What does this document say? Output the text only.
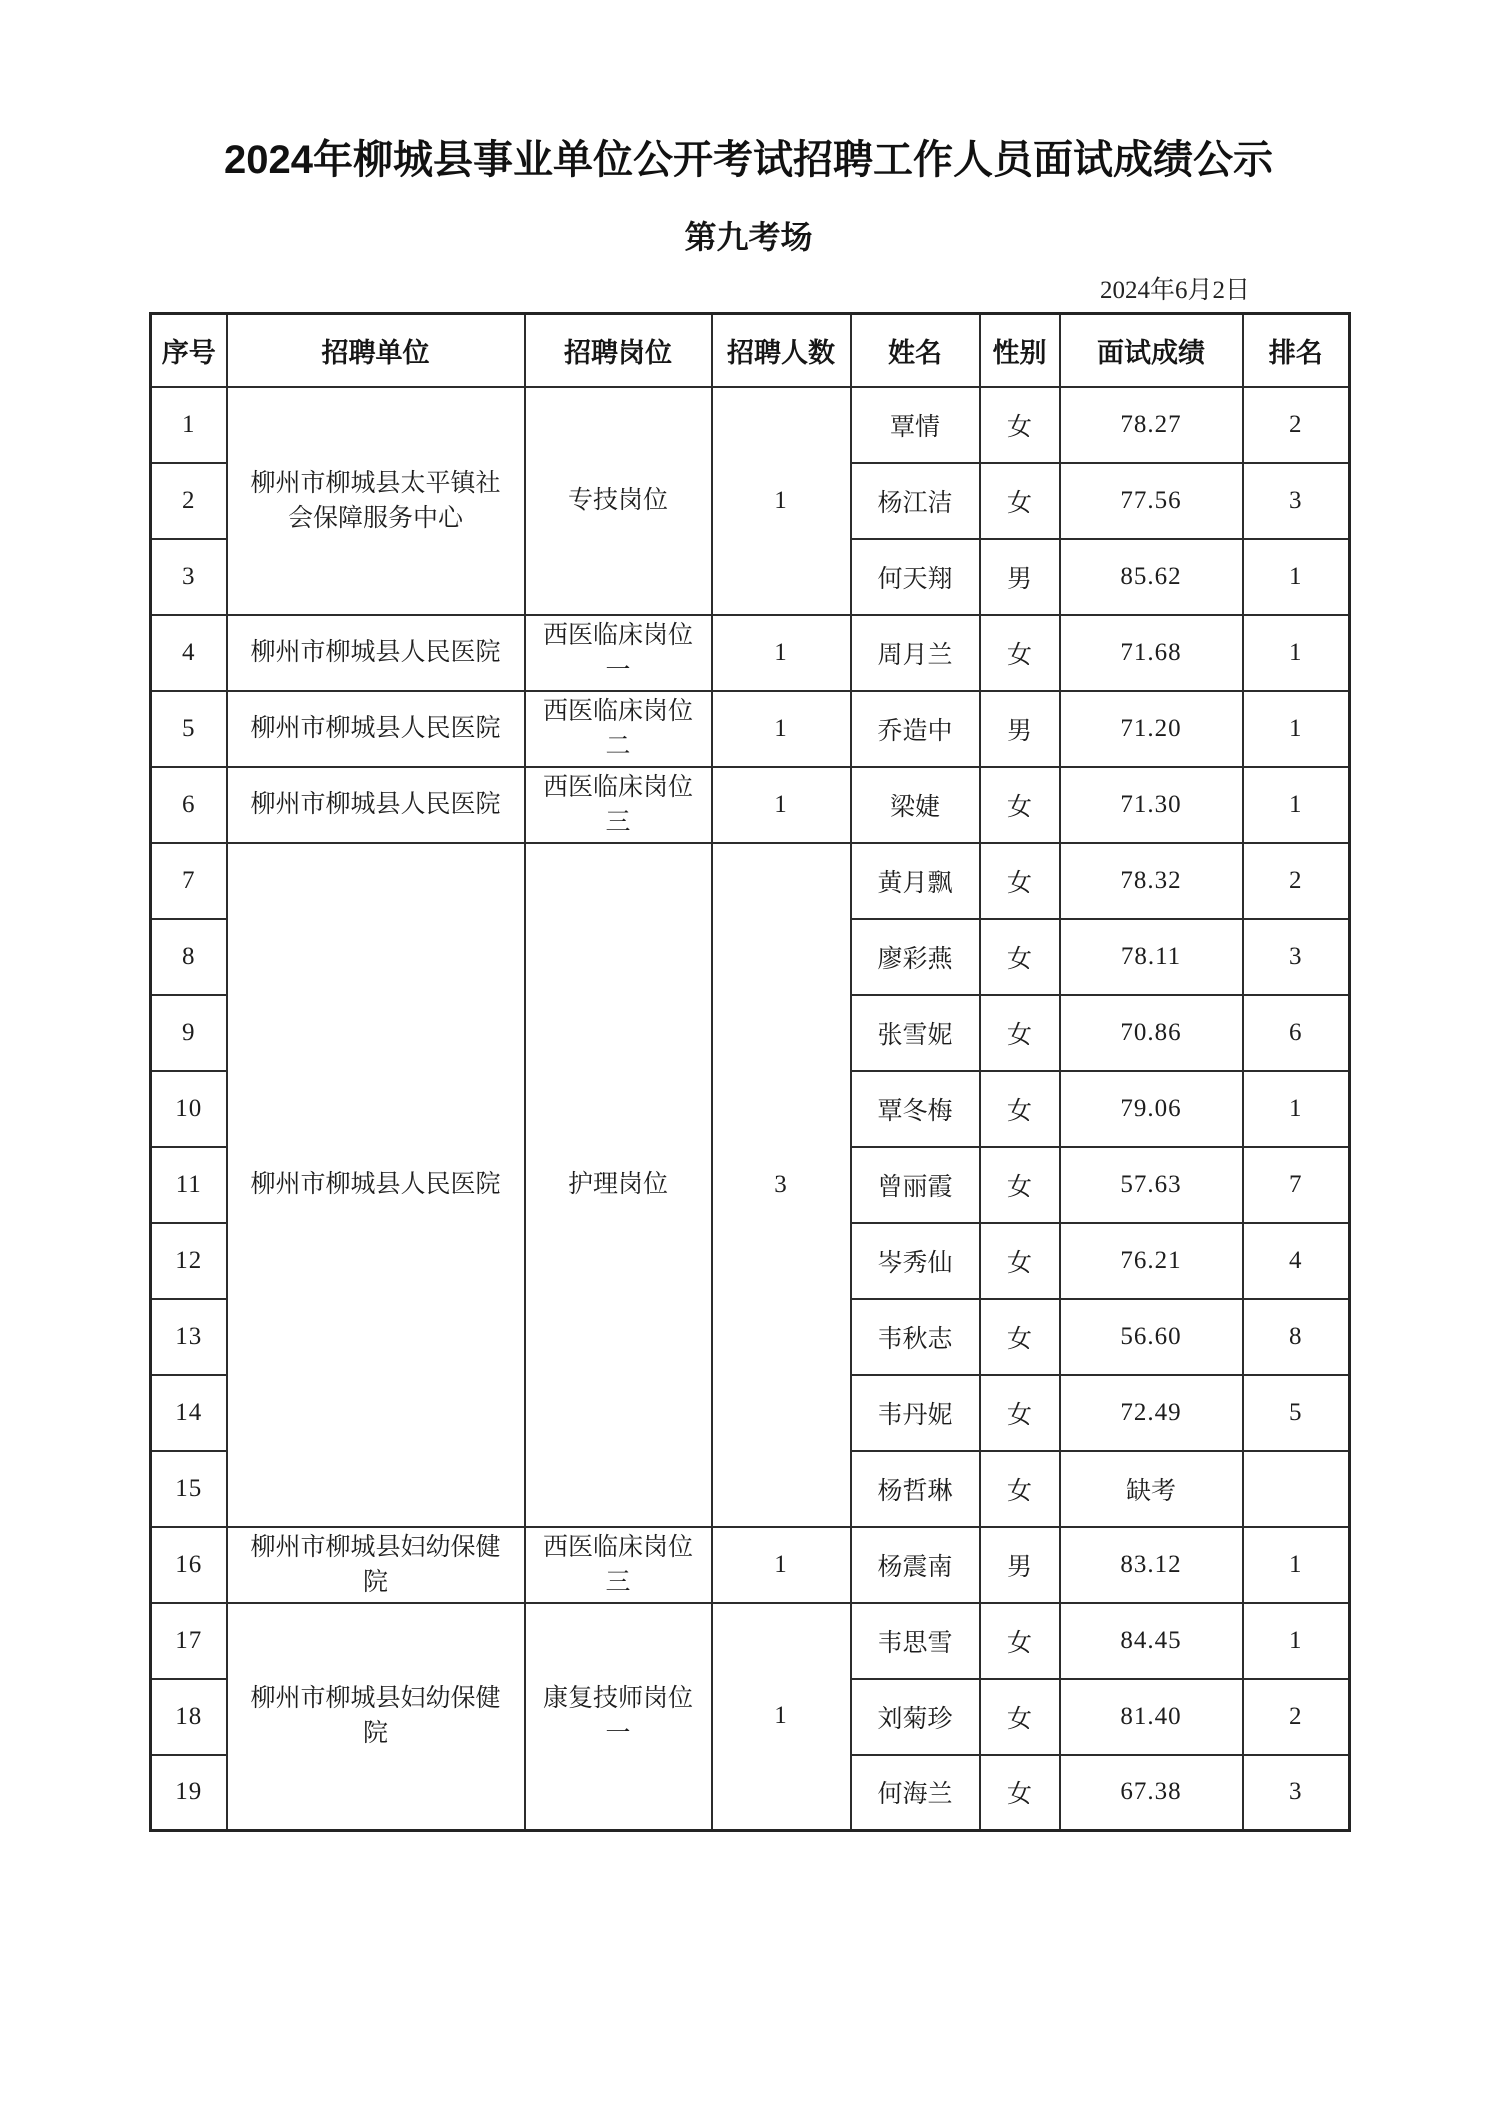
2024年柳城县事业单位公开考试招聘工作人员面试成绩公示
第九考场
2024年6月2日
序号	招聘单位	招聘岗位	招聘人数	姓名	性别	面试成绩	排名
1	柳州市柳城县太平镇社会保障服务中心	专技岗位	1	覃情	女	78.27	2
2				杨江洁	女	77.56	3
3				何天翔	男	85.62	1
4	柳州市柳城县人民医院	西医临床岗位一	1	周月兰	女	71.68	1
5	柳州市柳城县人民医院	西医临床岗位二	1	乔造中	男	71.20	1
6	柳州市柳城县人民医院	西医临床岗位三	1	梁婕	女	71.30	1
7	柳州市柳城县人民医院	护理岗位	3	黄月飘	女	78.32	2
8				廖彩燕	女	78.11	3
9				张雪妮	女	70.86	6
10				覃冬梅	女	79.06	1
11				曾丽霞	女	57.63	7
12				岑秀仙	女	76.21	4
13				韦秋志	女	56.60	8
14				韦丹妮	女	72.49	5
15				杨哲琳	女	缺考	
16	柳州市柳城县妇幼保健院	西医临床岗位三	1	杨震南	男	83.12	1
17	柳州市柳城县妇幼保健院	康复技师岗位一	1	韦思雪	女	84.45	1
18				刘菊珍	女	81.40	2
19				何海兰	女	67.38	3
